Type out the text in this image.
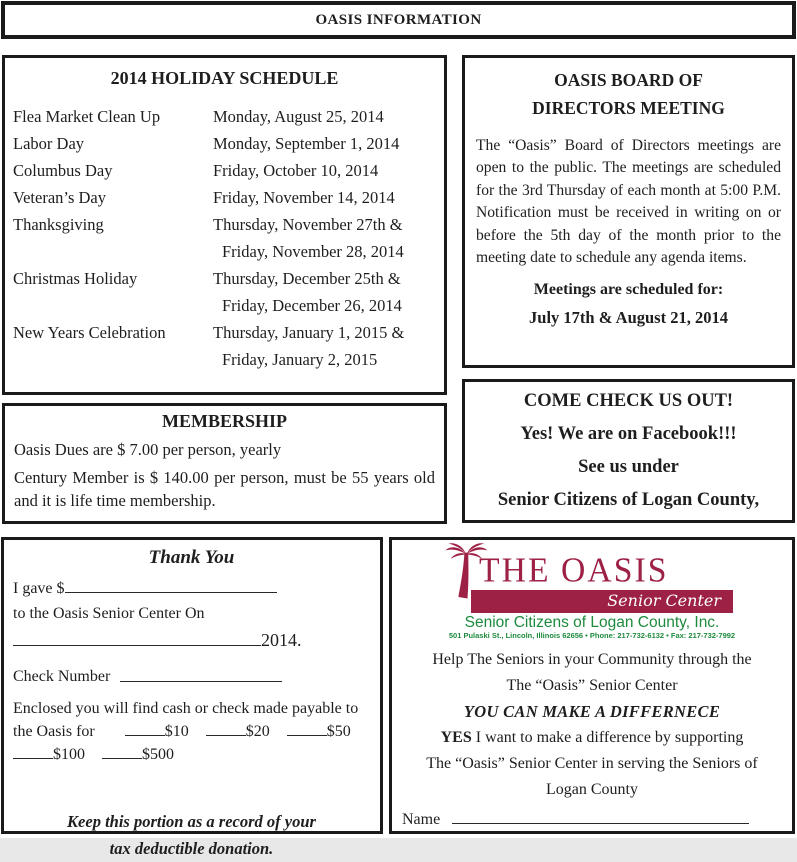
OASIS INFORMATION
2014 HOLIDAY SCHEDULE
Flea Market Clean Up	Monday, August 25, 2014
Labor Day	Monday, September 1, 2014
Columbus Day	Friday, October 10, 2014
Veteran’s Day	Friday, November 14, 2014
Thanksgiving	Thursday, November 27th &
Friday, November 28, 2014
Christmas Holiday	Thursday, December 25th &
Friday, December 26, 2014
New Years Celebration	Thursday, January 1, 2015 &
Friday, January 2, 2015
OASIS BOARD OF
DIRECTORS MEETING
The “Oasis” Board of Directors meetings are open to the public. The meetings are scheduled for the 3rd Thursday of each month at 5:00 P.M. Notification must be received in writing on or before the 5th day of the month prior to the meeting date to schedule any agenda items.
Meetings are scheduled for:
July 17th & August 21, 2014
COME CHECK US OUT!
Yes! We are on Facebook!!!
See us under
Senior Citizens of Logan County,
MEMBERSHIP

Oasis Dues are $ 7.00 per person, yearly

Century Member is $ 140.00 per person, must be 55 years old and it is life time membership.

Thank You
I gave $
to the Oasis Senior Center On
2014.
Check Number
Enclosed you will find cash or check made payable to
the Oasis for	$10	$20	$50
$100	$500
Keep this portion as a record of your
tax deductible donation.
THE OASIS
Senior Center
Senior Citizens of Logan County, Inc.
501 Pulaski St., Lincoln, Illinois 62656 • Phone: 217-732-6132 • Fax: 217-732-7992
Help The Seniors in your Community through the
The “Oasis” Senior Center
YOU CAN MAKE A DIFFERNECE
YES I want to make a difference by supporting
The “Oasis” Senior Center in serving the Seniors of
Logan County
Name
